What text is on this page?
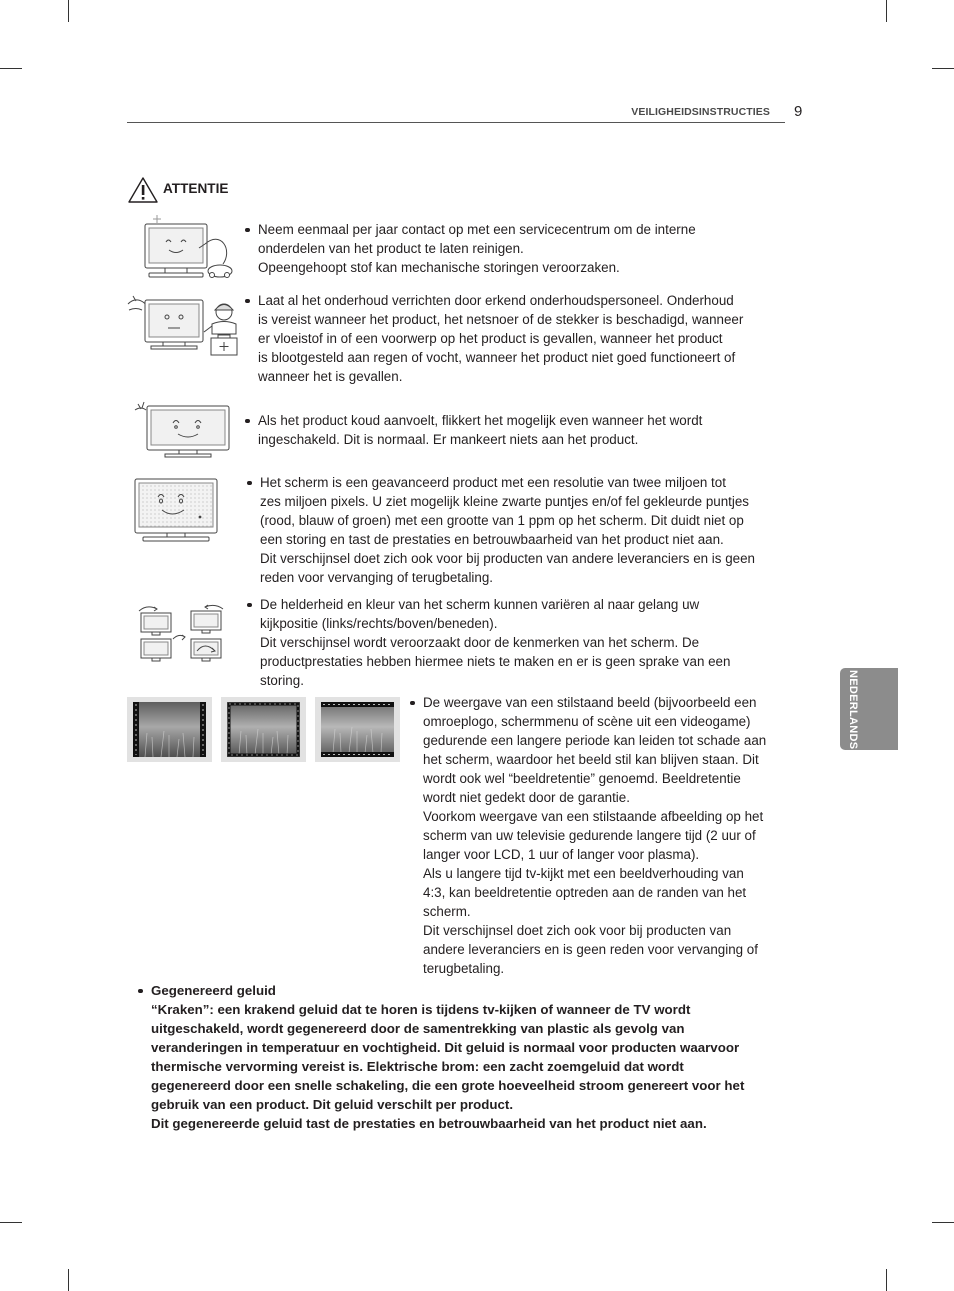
VEILIGHEIDSINSTRUCTIES 9
NEDERLANDS
ATTENTIE
Neem eenmaal per jaar contact op met een servicecentrum om de interne
onderdelen van het product te laten reinigen.
Opeengehoopt stof kan mechanische storingen veroorzaken.
Laat al het onderhoud verrichten door erkend onderhoudspersoneel. Onderhoud
is vereist wanneer het product, het netsnoer of de stekker is beschadigd, wanneer
er vloeistof in of een voorwerp op het product is gevallen, wanneer het product
is blootgesteld aan regen of vocht, wanneer het product niet goed functioneert of
wanneer het is gevallen.
Als het product koud aanvoelt, flikkert het mogelijk even wanneer het wordt
ingeschakeld. Dit is normaal. Er mankeert niets aan het product.
Het scherm is een geavanceerd product met een resolutie van twee miljoen tot
zes miljoen pixels. U ziet mogelijk kleine zwarte puntjes en/of fel gekleurde puntjes
(rood, blauw of groen) met een grootte van 1 ppm op het scherm. Dit duidt niet op
een storing en tast de prestaties en betrouwbaarheid van het product niet aan.
Dit verschijnsel doet zich ook voor bij producten van andere leveranciers en is geen
reden voor vervanging of terugbetaling.
De helderheid en kleur van het scherm kunnen variëren al naar gelang uw
kijkpositie (links/rechts/boven/beneden).
Dit verschijnsel wordt veroorzaakt door de kenmerken van het scherm. De
productprestaties hebben hiermee niets te maken en er is geen sprake van een
storing.
De weergave van een stilstaand beeld (bijvoorbeeld een
omroeplogo, schermmenu of scène uit een videogame)
gedurende een langere periode kan leiden tot schade aan
het scherm, waardoor het beeld stil kan blijven staan. Dit
wordt ook wel “beeldretentie” genoemd. Beeldretentie
wordt niet gedekt door de garantie.
Voorkom weergave van een stilstaande afbeelding op het
scherm van uw televisie gedurende langere tijd (2 uur of
langer voor LCD, 1 uur of langer voor plasma).
Als u langere tijd tv-kijkt met een beeldverhouding van
4:3, kan beeldretentie optreden aan de randen van het
scherm.
Dit verschijnsel doet zich ook voor bij producten van
andere leveranciers en is geen reden voor vervanging of
terugbetaling.
Gegenereerd geluid
“Kraken”: een krakend geluid dat te horen is tijdens tv-kijken of wanneer de TV wordt
uitgeschakeld, wordt gegenereerd door de samentrekking van plastic als gevolg van
veranderingen in temperatuur en vochtigheid. Dit geluid is normaal voor producten waarvoor
thermische vervorming vereist is. Elektrische brom: een zacht zoemgeluid dat wordt
gegenereerd door een snelle schakeling, die een grote hoeveelheid stroom genereert voor het
gebruik van een product. Dit geluid verschilt per product.
Dit gegenereerde geluid tast de prestaties en betrouwbaarheid van het product niet aan.
